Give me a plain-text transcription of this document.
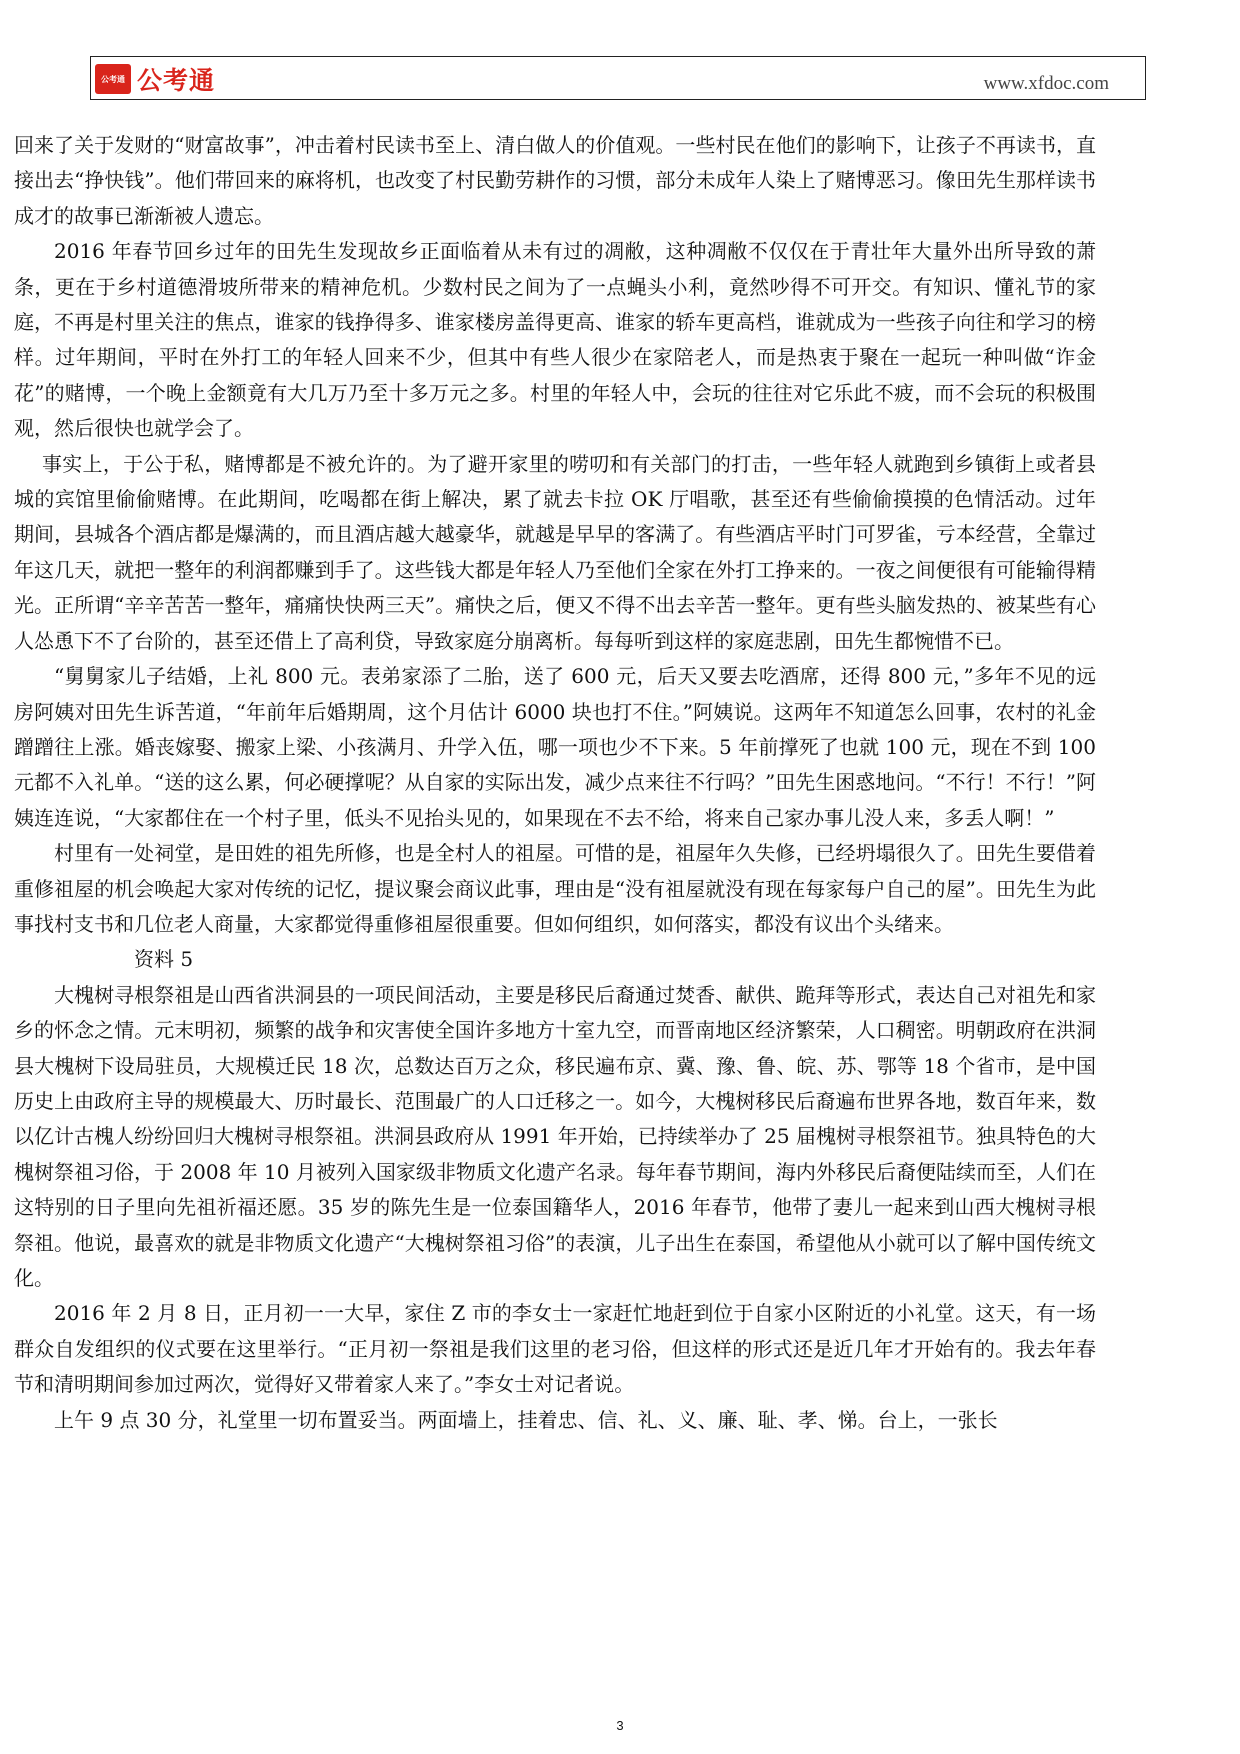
公考通 公考通	www.xfdoc.com

回来了关于发财的“财富故事”，冲击着村民读书至上、清白做人的价值观。一些村民在他们的影响下，让孩子不再读书，直接出去“挣快钱”。他们带回来的麻将机，也改变了村民勤劳耕作的习惯，部分未成年人染上了赌博恶习。像田先生那样读书成才的故事已渐渐被人遗忘。

2016 年春节回乡过年的田先生发现故乡正面临着从未有过的凋敝，这种凋敝不仅仅在于青壮年大量外出所导致的萧条，更在于乡村道德滑坡所带来的精神危机。少数村民之间为了一点蝇头小利，竟然吵得不可开交。有知识、懂礼节的家庭，不再是村里关注的焦点，谁家的钱挣得多、谁家楼房盖得更高、谁家的轿车更高档，谁就成为一些孩子向往和学习的榜样。过年期间，平时在外打工的年轻人回来不少，但其中有些人很少在家陪老人，而是热衷于聚在一起玩一种叫做“诈金花”的赌博，一个晚上金额竟有大几万乃至十多万元之多。村里的年轻人中，会玩的往往对它乐此不疲，而不会玩的积极围观，然后很快也就学会了。

事实上，于公于私，赌博都是不被允许的。为了避开家里的唠叨和有关部门的打击，一些年轻人就跑到乡镇街上或者县城的宾馆里偷偷赌博。在此期间，吃喝都在街上解决，累了就去卡拉 OK 厅唱歌，甚至还有些偷偷摸摸的色情活动。过年期间，县城各个酒店都是爆满的，而且酒店越大越豪华，就越是早早的客满了。有些酒店平时门可罗雀，亏本经营，全靠过年这几天，就把一整年的利润都赚到手了。这些钱大都是年轻人乃至他们全家在外打工挣来的。一夜之间便很有可能输得精光。正所谓“辛辛苦苦一整年，痛痛快快两三天”。痛快之后，便又不得不出去辛苦一整年。更有些头脑发热的、被某些有心人怂恿下不了台阶的，甚至还借上了高利贷，导致家庭分崩离析。每每听到这样的家庭悲剧，田先生都惋惜不已。

“舅舅家儿子结婚，上礼 800 元。表弟家添了二胎，送了 600 元，后天又要去吃酒席，还得 800 元，”多年不见的远房阿姨对田先生诉苦道，“年前年后婚期周，这个月估计 6000 块也打不住。”阿姨说。这两年不知道怎么回事，农村的礼金蹭蹭往上涨。婚丧嫁娶、搬家上梁、小孩满月、升学入伍，哪一项也少不下来。5 年前撑死了也就 100 元，现在不到 100 元都不入礼单。“送的这么累，何必硬撑呢？从自家的实际出发，减少点来往不行吗？”田先生困惑地问。“不行！不行！”阿姨连连说，“大家都住在一个村子里，低头不见抬头见的，如果现在不去不给，将来自己家办事儿没人来，多丢人啊！”

村里有一处祠堂，是田姓的祖先所修，也是全村人的祖屋。可惜的是，祖屋年久失修，已经坍塌很久了。田先生要借着重修祖屋的机会唤起大家对传统的记忆，提议聚会商议此事，理由是“没有祖屋就没有现在每家每户自己的屋”。田先生为此事找村支书和几位老人商量，大家都觉得重修祖屋很重要。但如何组织，如何落实，都没有议出个头绪来。

资料 5

大槐树寻根祭祖是山西省洪洞县的一项民间活动，主要是移民后裔通过焚香、献供、跪拜等形式，表达自己对祖先和家乡的怀念之情。元末明初，频繁的战争和灾害使全国许多地方十室九空，而晋南地区经济繁荣，人口稠密。明朝政府在洪洞县大槐树下设局驻员，大规模迁民 18 次，总数达百万之众，移民遍布京、冀、豫、鲁、皖、苏、鄂等 18 个省市，是中国历史上由政府主导的规模最大、历时最长、范围最广的人口迁移之一。如今，大槐树移民后裔遍布世界各地，数百年来，数以亿计古槐人纷纷回归大槐树寻根祭祖。洪洞县政府从 1991 年开始，已持续举办了 25 届槐树寻根祭祖节。独具特色的大槐树祭祖习俗，于 2008 年 10 月被列入国家级非物质文化遗产名录。每年春节期间，海内外移民后裔便陆续而至，人们在这特别的日子里向先祖祈福还愿。35 岁的陈先生是一位泰国籍华人，2016 年春节，他带了妻儿一起来到山西大槐树寻根祭祖。他说，最喜欢的就是非物质文化遗产“大槐树祭祖习俗”的表演，儿子出生在泰国，希望他从小就可以了解中国传统文化。

2016 年 2 月 8 日，正月初一一大早，家住 Z 市的李女士一家赶忙地赶到位于自家小区附近的小礼堂。这天，有一场群众自发组织的仪式要在这里举行。“正月初一祭祖是我们这里的老习俗，但这样的形式还是近几年才开始有的。我去年春节和清明期间参加过两次，觉得好又带着家人来了。”李女士对记者说。

上午 9 点 30 分，礼堂里一切布置妥当。两面墙上，挂着忠、信、礼、义、廉、耻、孝、悌。台上，一张长

3
